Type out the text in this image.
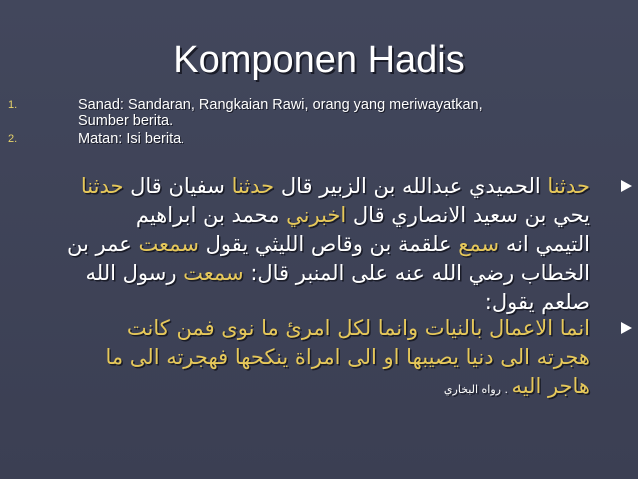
Komponen Hadis
1.	Sanad: Sandaran, Rangkaian Rawi, orang yang meriwayatkan,
Sumber berita.
2.	Matan: Isi berita.
حدثنا الحميدي عبدالله بن الزبير قال حدثنا سفيان قال حدثنا
يحي بن سعيد الانصاري قال اخبرني محمد بن ابراهيم
التيمي انه سمع علقمة بن وقاص الليثي يقول سمعت عمر بن
الخطاب رضي الله عنه على المنبر قال: سمعت رسول الله
صلعم يقول:
انما الاعمال بالنيات وانما لكل امرئ ما نوى فمن كانت
هجرته الى دنيا يصيبها او الى امراة ينكحها فهجرته الى ما
هاجر اليه . رواه البخاري
